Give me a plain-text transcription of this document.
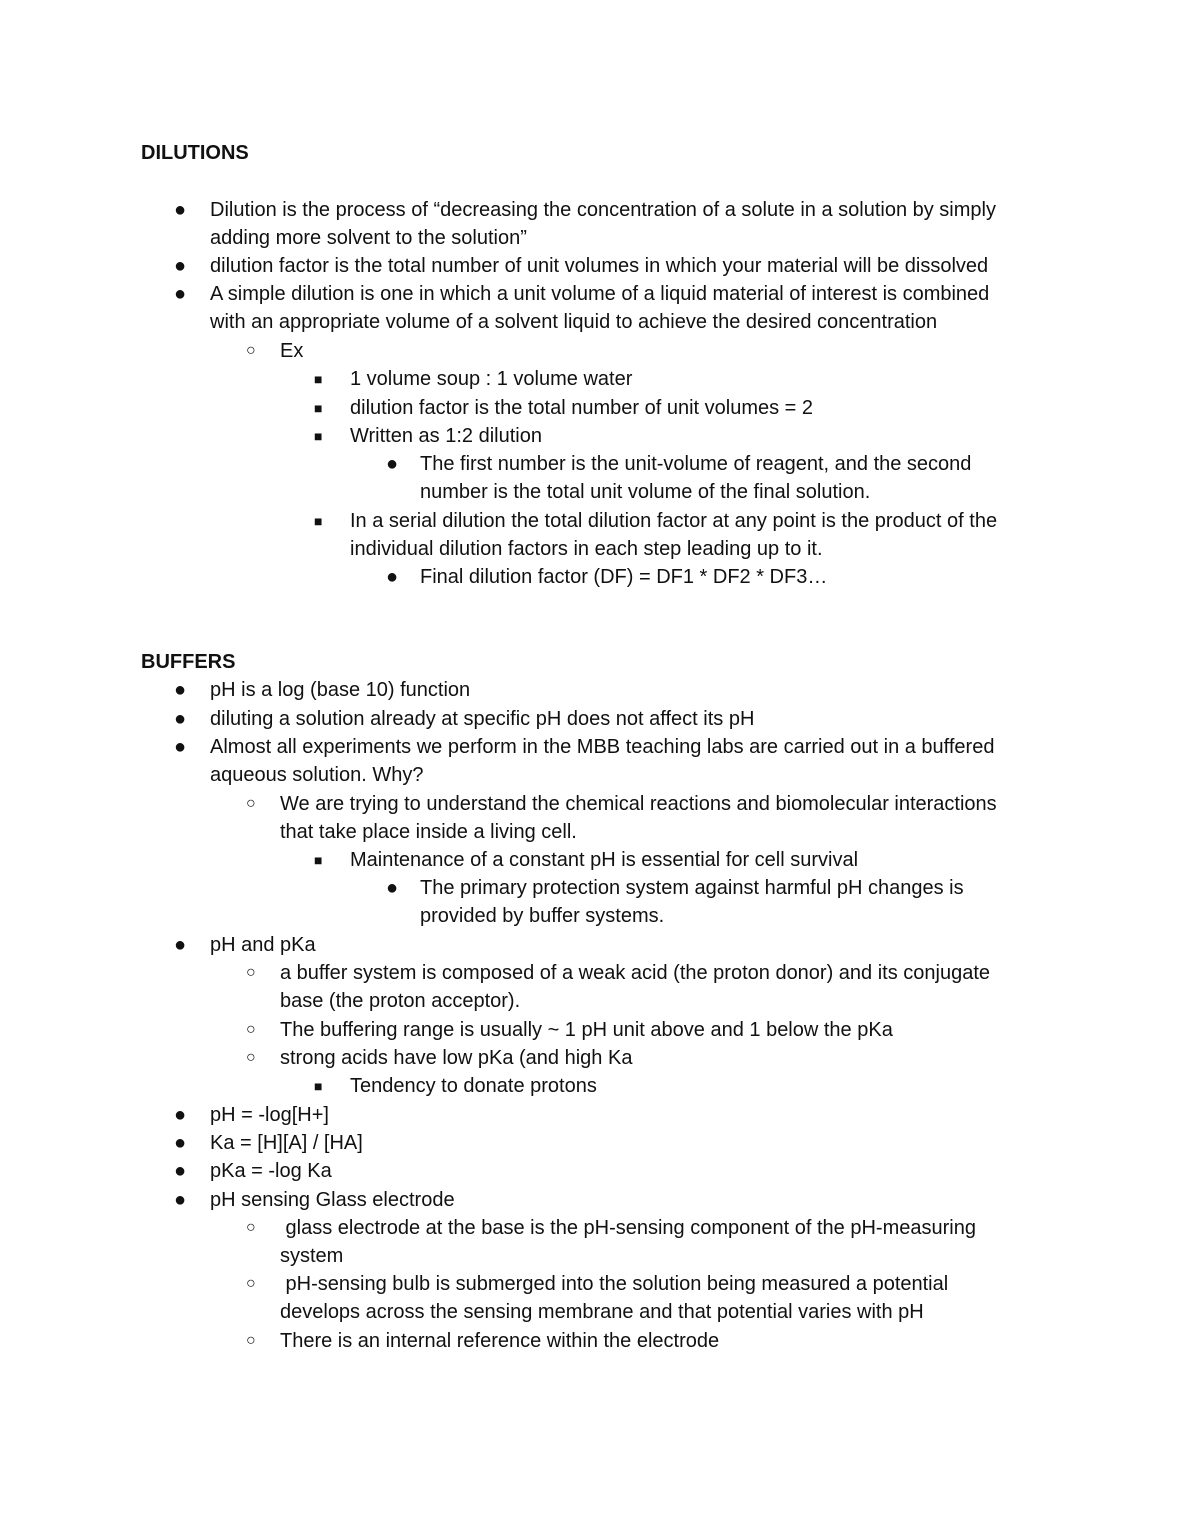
DILUTIONS
● Dilution is the process of “decreasing the concentration of a solute in a solution by simply
adding more solvent to the solution”
● dilution factor is the total number of unit volumes in which your material will be dissolved
● A simple dilution is one in which a unit volume of a liquid material of interest is combined
with an appropriate volume of a solvent liquid to achieve the desired concentration
○ Ex
■ 1 volume soup : 1 volume water
■ dilution factor is the total number of unit volumes = 2
■ Written as 1:2 dilution
● The first number is the unit-volume of reagent, and the second
number is the total unit volume of the final solution.
■ In a serial dilution the total dilution factor at any point is the product of the
individual dilution factors in each step leading up to it.
● Final dilution factor (DF) = DF1 * DF2 * DF3…
BUFFERS
● pH is a log (base 10) function
● diluting a solution already at specific pH does not affect its pH
● Almost all experiments we perform in the MBB teaching labs are carried out in a buffered
aqueous solution. Why?
○ We are trying to understand the chemical reactions and biomolecular interactions
that take place inside a living cell.
■ Maintenance of a constant pH is essential for cell survival
● The primary protection system against harmful pH changes is
provided by buffer systems.
● pH and pKa
○ a buffer system is composed of a weak acid (the proton donor) and its conjugate
base (the proton acceptor).
○ The buffering range is usually ~ 1 pH unit above and 1 below the pKa
○ strong acids have low pKa (and high Ka
■ Tendency to donate protons
● pH = -log[H+]
● Ka = [H][A] / [HA]
● pKa = -log Ka
● pH sensing Glass electrode
○ glass electrode at the base is the pH-sensing component of the pH-measuring
system
○ pH-sensing bulb is submerged into the solution being measured a potential
develops across the sensing membrane and that potential varies with pH
○ There is an internal reference within the electrode
